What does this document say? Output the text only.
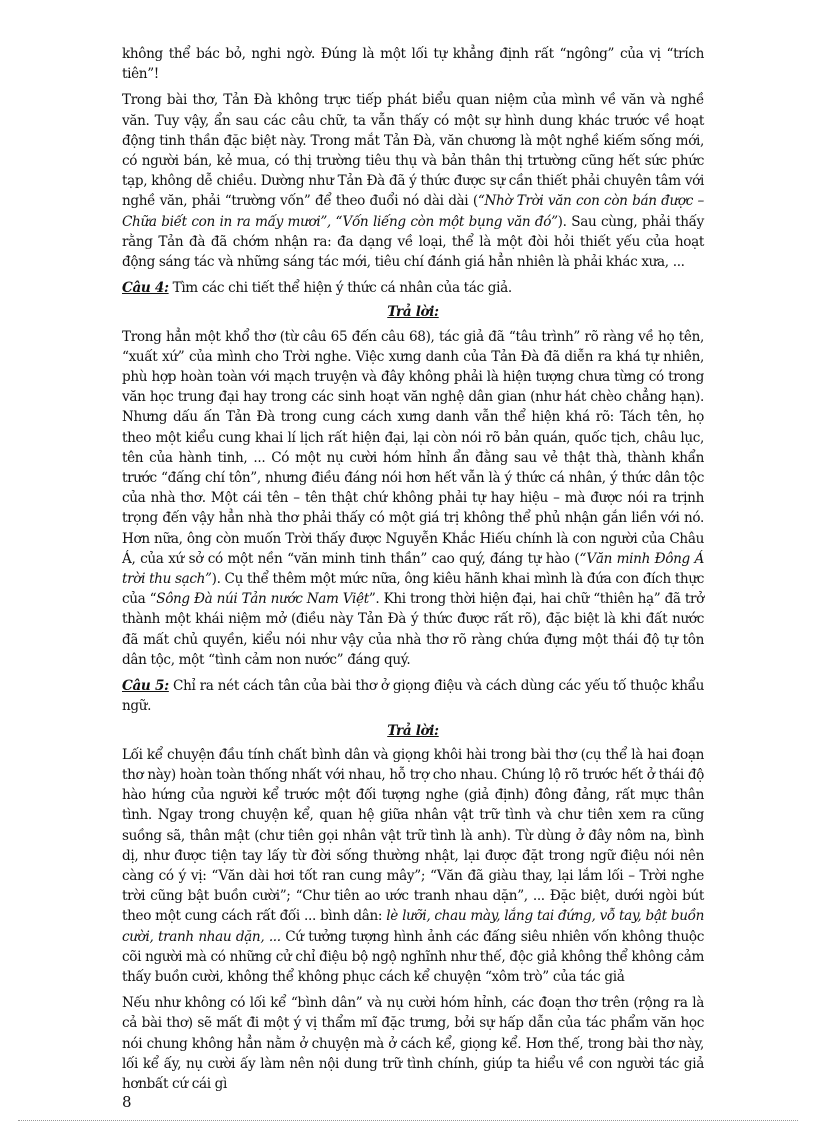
không thể bác bỏ, nghi ngờ. Đúng là một lối tự khẳng định rất “ngông” của vị “trích tiên”!

Trong bài thơ, Tản Đà không trực tiếp phát biểu quan niệm của mình về văn và nghề văn. Tuy vậy, ẩn sau các câu chữ, ta vẫn thấy có một sự hình dung khác trước về hoạt động tinh thần đặc biệt này. Trong mắt Tản Đà, văn chương là một nghề kiếm sống mới, có người bán, kẻ mua, có thị trường tiêu thụ và bản thân thị trtường cũng hết sức phức tạp, không dễ chiều. Dường như Tản Đà đã ý thức được sự cần thiết phải chuyên tâm với nghề văn, phải “trường vốn” để theo đuổi nó dài dài (“Nhờ Trời văn con còn bán được – Chữa biết con in ra mấy mươi”, “Vốn liếng còn một bụng văn đó”). Sau cùng, phải thấy rằng Tản đà đã chớm nhận ra: đa dạng về loại, thể là một đòi hỏi thiết yếu của hoạt động sáng tác và những sáng tác mới, tiêu chí đánh giá hẳn nhiên là phải khác xưa, ...

Câu 4: Tìm các chi tiết thể hiện ý thức cá nhân của tác giả.

Trả lời:

Trong hẳn một khổ thơ (từ câu 65 đến câu 68), tác giả đã “tâu trình” rõ ràng về họ tên, “xuất xứ” của mình cho Trời nghe. Việc xưng danh của Tản Đà đã diễn ra khá tự nhiên, phù hợp hoàn toàn với mạch truyện và đây không phải là hiện tượng chưa từng có trong văn học trung đại hay trong các sinh hoạt văn nghệ dân gian (như hát chèo chẳng hạn). Nhưng dấu ấn Tản Đà trong cung cách xưng danh vẫn thể hiện khá rõ: Tách tên, họ theo một kiểu cung khai lí lịch rất hiện đại, lại còn nói rõ bản quán, quốc tịch, châu lục, tên của hành tinh, ... Có một nụ cười hóm hỉnh ẩn đằng sau vẻ thật thà, thành khẩn trước “đấng chí tôn”, nhưng điều đáng nói hơn hết vẫn là ý thức cá nhân, ý thức dân tộc của nhà thơ. Một cái tên – tên thật chứ không phải tự hay hiệu – mà được nói ra trịnh trọng đến vậy hẳn nhà thơ phải thấy có một giá trị không thể phủ nhận gắn liền với nó. Hơn nữa, ông còn muốn Trời thấy được Nguyễn Khắc Hiếu chính là con người của Châu Á, của xứ sở có một nền “văn minh tinh thần” cao quý, đáng tự hào (“Văn minh Đông Á trời thu sạch”). Cụ thể thêm một mức nữa, ông kiêu hãnh khai mình là đứa con đích thực của “Sông Đà núi Tản nước Nam Việt”. Khi trong thời hiện đại, hai chữ “thiên hạ” đã trở thành một khái niệm mở (điều này Tản Đà ý thức được rất rõ), đặc biệt là khi đất nước đã mất chủ quyền, kiểu nói như vậy của nhà thơ rõ ràng chứa đựng một thái độ tự tôn dân tộc, một “tình cảm non nước” đáng quý.

Câu 5: Chỉ ra nét cách tân của bài thơ ở giọng điệu và cách dùng các yếu tố thuộc khẩu ngữ.

Trả lời:

Lối kể chuyện đầu tính chất bình dân và giọng khôi hài trong bài thơ (cụ thể là hai đoạn thơ này) hoàn toàn thống nhất với nhau, hỗ trợ cho nhau. Chúng lộ rõ trước hết ở thái độ hào hứng của người kể trước một đối tượng nghe (giả định) đông đảng, rất mực thân tình. Ngay trong chuyện kể, quan hệ giữa nhân vật trữ tình và chư tiên xem ra cũng suồng sã, thân mật (chư tiên gọi nhân vật trữ tình là anh). Từ dùng ở đây nôm na, bình dị, như được tiện tay lấy từ đời sống thường nhật, lại được đặt trong ngữ điệu nói nên càng có ý vị: “Văn dài hơi tốt ran cung mây”; “Văn đã giàu thay, lại lắm lối – Trời nghe trời cũng bật buồn cười”; “Chư tiên ao ước tranh nhau dặn”, ... Đặc biệt, dưới ngòi bút theo một cung cách rất đối ... bình dân: lè lưỡi, chau mày, lắng tai đứng, vỗ tay, bật buồn cười, tranh nhau dặn, ... Cứ tưởng tượng hình ảnh các đấng siêu nhiên vốn không thuộc cõi người mà có những cử chỉ điệu bộ ngộ nghĩnh như thế, độc giả không thể không cảm thấy buồn cười, không thể không phục cách kể chuyện “xôm trò” của tác giả

Nếu như không có lối kể “bình dân” và nụ cười hóm hỉnh, các đoạn thơ trên (rộng ra là cả bài thơ) sẽ mất đi một ý vị thẩm mĩ đặc trưng, bởi sự hấp dẫn của tác phẩm văn học nói chung không hẳn nằm ở chuyện mà ở cách kể, giọng kể. Hơn thế, trong bài thơ này, lối kể ấy, nụ cười ấy làm nên nội dung trữ tình chính, giúp ta hiểu về con người tác giả hơnbất cứ cái gì

8
